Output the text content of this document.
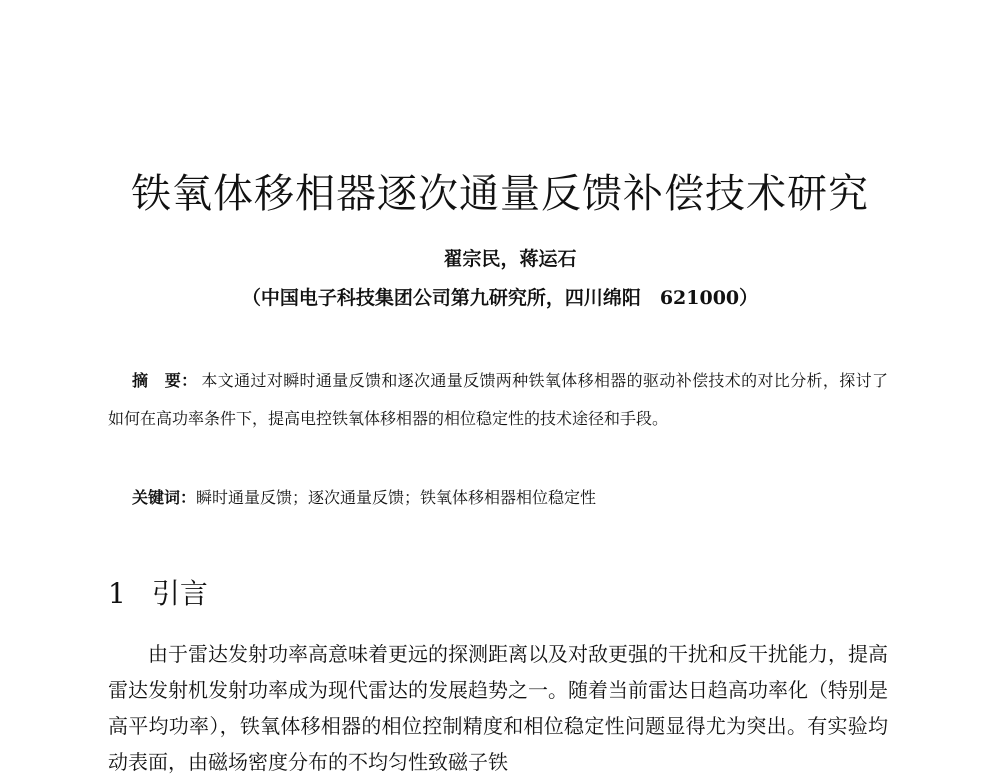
铁氧体移相器逐次通量反馈补偿技术研究

翟宗民，蒋运石

（中国电子科技集团公司第九研究所，四川绵阳　621000）

摘　要： 本文通过对瞬时通量反馈和逐次通量反馈两种铁氧体移相器的驱动补偿技术的对比分析，探讨了如何在高功率条件下，提高电控铁氧体移相器的相位稳定性的技术途径和手段。

关键词：瞬时通量反馈；逐次通量反馈；铁氧体移相器相位稳定性

1 引言

由于雷达发射功率高意味着更远的探测距离以及对敌更强的干扰和反干扰能力，提高雷达发射机发射功率成为现代雷达的发展趋势之一。随着当前雷达日趋高功率化（特别是高平均功率），铁氧体移相器的相位控制精度和相位稳定性问题显得尤为突出。有实验均动表面，由磁场密度分布的不均匀性致磁子铁
